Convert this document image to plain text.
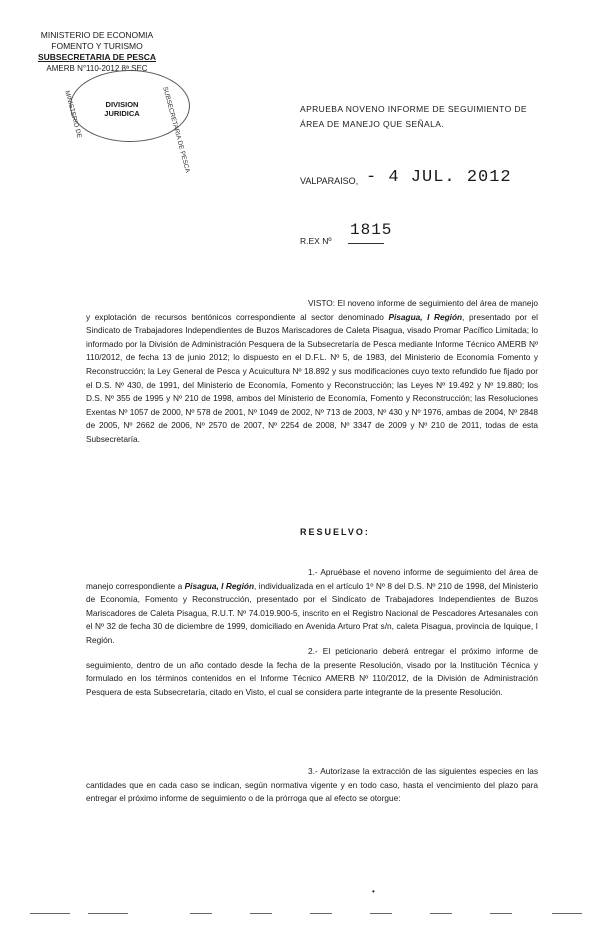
MINISTERIO DE ECONOMIA
FOMENTO Y TURISMO
SUBSECRETARIA DE PESCA
AMERB N°110-2012 8ª SEC
DIVISION JURIDICA
MINISTERIO DE	SUBSECRETARIA DE PESCA	APRUEBA NOVENO INFORME DE SEGUIMIENTO DE ÁREA DE MANEJO QUE SEÑALA.
VALPARAISO, - 4 JUL. 2012
R.EX Nº
1815
VISTO: El noveno informe de seguimiento del área de manejo y explotación de recursos bentónicos correspondiente al sector denominado Pisagua, I Región, presentado por el Sindicato de Trabajadores Independientes de Buzos Mariscadores de Caleta Pisagua, visado Promar Pacífico Limitada; lo informado por la División de Administración Pesquera de la Subsecretaría de Pesca mediante Informe Técnico AMERB Nº 110/2012, de fecha 13 de junio 2012; lo dispuesto en el D.F.L. Nº 5, de 1983, del Ministerio de Economía Fomento y Reconstrucción; la Ley General de Pesca y Acuicultura Nº 18.892 y sus modificaciones cuyo texto refundido fue fijado por el D.S. Nº 430, de 1991, del Ministerio de Economía, Fomento y Reconstrucción; las Leyes Nº 19.492 y Nº 19.880; los D.S. Nº 355 de 1995 y Nº 210 de 1998, ambos del Ministerio de Economía, Fomento y Reconstrucción; las Resoluciones Exentas Nº 1057 de 2000, Nº 578 de 2001, Nº 1049 de 2002, Nº 713 de 2003, Nº 430 y Nº 1976, ambas de 2004, Nº 2848 de 2005, Nº 2662 de 2006, Nº 2570 de 2007, Nº 2254 de 2008, Nº 3347 de 2009 y Nº 210 de 2011, todas de esta Subsecretaría.
RESUELVO:
1.- Apruébase el noveno informe de seguimiento del área de manejo correspondiente a Pisagua, I Región, individualizada en el artículo 1º Nº 8 del D.S. Nº 210 de 1998, del Ministerio de Economía, Fomento y Reconstrucción, presentado por el Sindicato de Trabajadores Independientes de Buzos Mariscadores de Caleta Pisagua, R.U.T. Nº 74.019.900-5, inscrito en el Registro Nacional de Pescadores Artesanales con el Nº 32 de fecha 30 de diciembre de 1999, domiciliado en Avenida Arturo Prat s/n, caleta Pisagua, provincia de Iquique, I Región.
2.- El peticionario deberá entregar el próximo informe de seguimiento, dentro de un año contado desde la fecha de la presente Resolución, visado por la Institución Técnica y formulado en los términos contenidos en el Informe Técnico AMERB Nº 110/2012, de la División de Administración Pesquera de esta Subsecretaría, citado en Visto, el cual se considera parte integrante de la presente Resolución.
3.- Autorízase la extracción de las siguientes especies en las cantidades que en cada caso se indican, según normativa vigente y en todo caso, hasta el vencimiento del plazo para entregar el próximo informe de seguimiento o de la prórroga que al efecto se otorgue:
•
